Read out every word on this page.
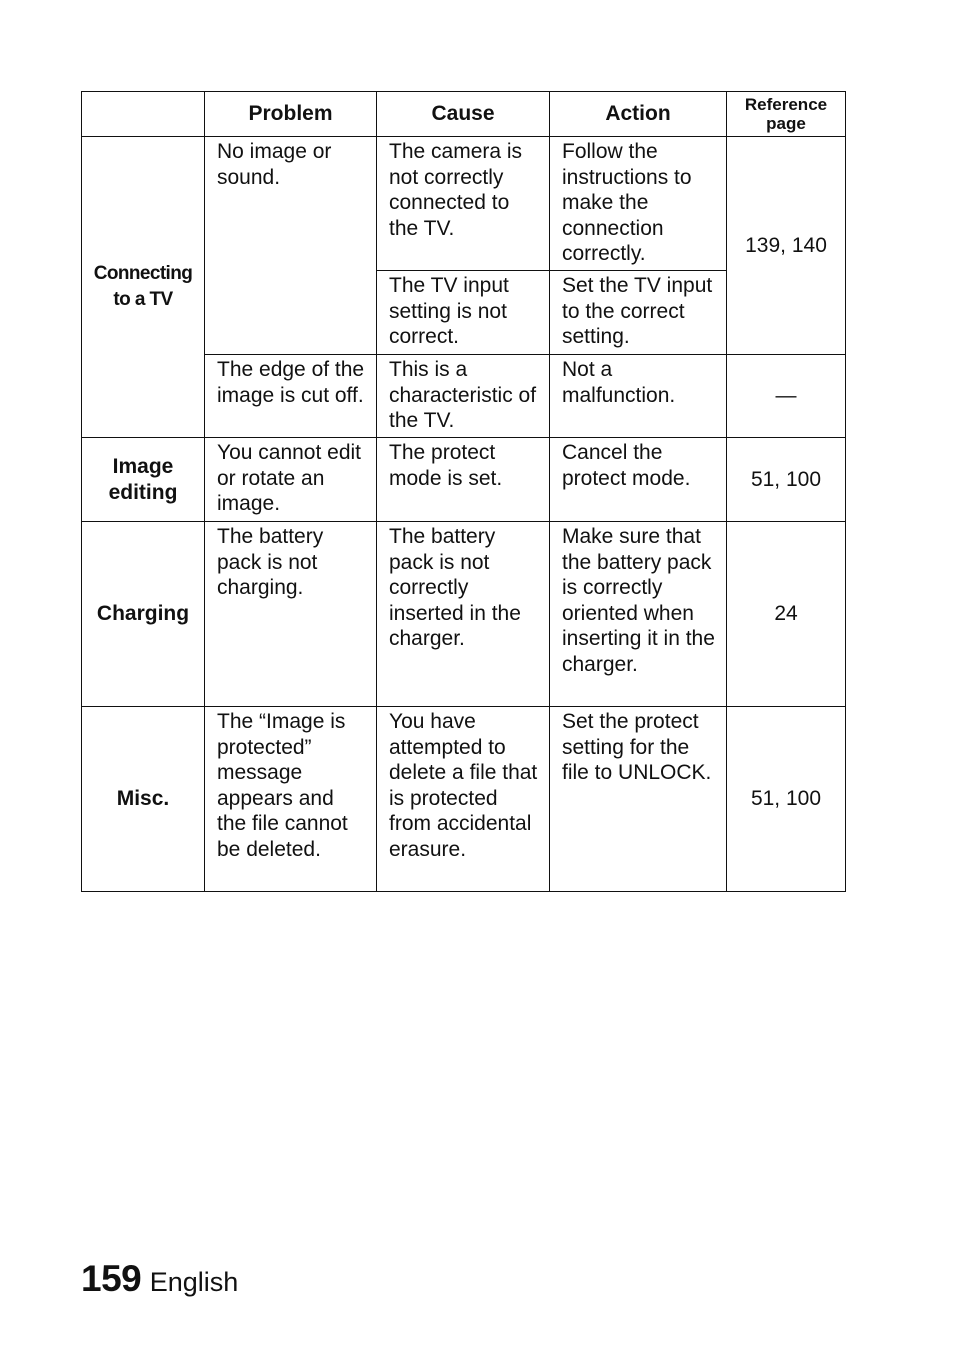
	Problem	Cause	Action	Reference page
Connecting to a TV	No image or sound.	The camera is not correctly connected to the TV.	Follow the instructions to make the connection correctly.	139, 140
		The TV input setting is not correct.	Set the TV input to the correct setting.	
	The edge of the image is cut off.	This is a characteristic of the TV.	Not a malfunction.	—
Image editing	You cannot edit or rotate an image.	The protect mode is set.	Cancel the protect mode.	51, 100
Charging	The battery pack is not charging.	The battery pack is not correctly inserted in the charger.	Make sure that the battery pack is correctly oriented when inserting it in the charger.	24
Misc.	The “Image is protected” message appears and the file cannot be deleted.	You have attempted to delete a file that is protected from accidental erasure.	Set the protect setting for the file to UNLOCK.	51, 100
159 English
